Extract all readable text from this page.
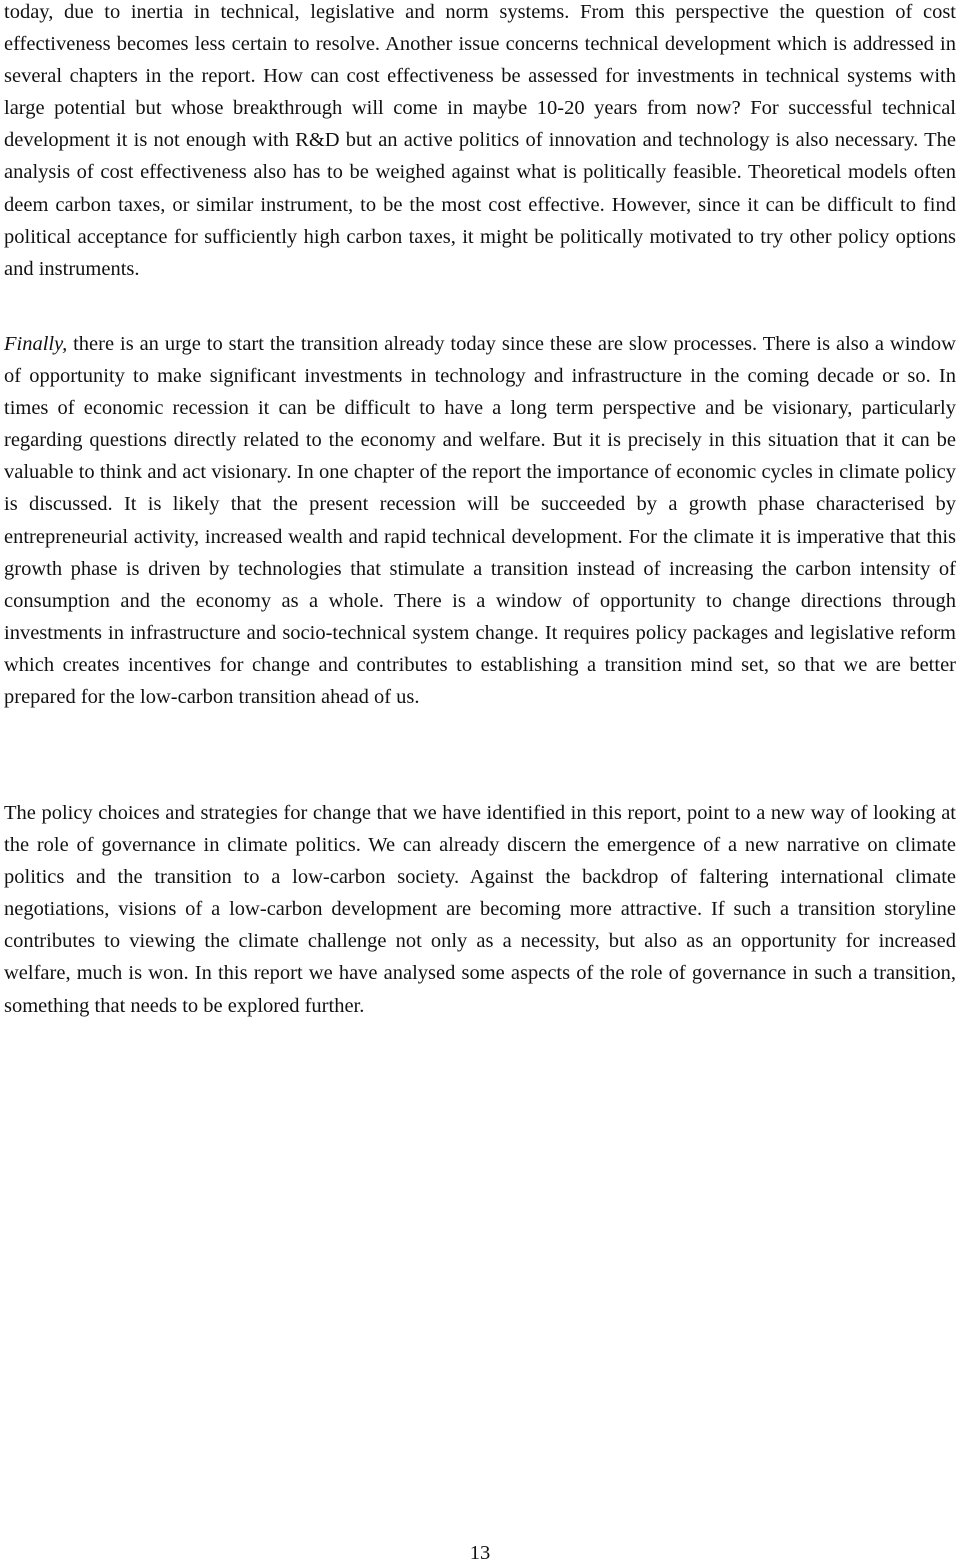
today, due to inertia in technical, legislative and norm systems. From this perspective the question of cost effectiveness becomes less certain to resolve. Another issue concerns technical development which is addressed in several chapters in the report. How can cost effectiveness be assessed for investments in technical systems with large potential but whose breakthrough will come in maybe 10-20 years from now? For successful technical development it is not enough with R&D but an active politics of innovation and technology is also necessary. The analysis of cost effectiveness also has to be weighed against what is politically feasible. Theoretical models often deem carbon taxes, or similar instrument, to be the most cost effective. However, since it can be difficult to find political acceptance for sufficiently high carbon taxes, it might be politically motivated to try other policy options and instruments.

Finally, there is an urge to start the transition already today since these are slow processes. There is also a window of opportunity to make significant investments in technology and infrastructure in the coming decade or so. In times of economic recession it can be difficult to have a long term perspective and be visionary, particularly regarding questions directly related to the economy and welfare. But it is precisely in this situation that it can be valuable to think and act visionary. In one chapter of the report the importance of economic cycles in climate policy is discussed. It is likely that the present recession will be succeeded by a growth phase characterised by entrepreneurial activity, increased wealth and rapid technical development. For the climate it is imperative that this growth phase is driven by technologies that stimulate a transition instead of increasing the carbon intensity of consumption and the economy as a whole. There is a window of opportunity to change directions through investments in infrastructure and socio-technical system change. It requires policy packages and legislative reform which creates incentives for change and contributes to establishing a transition mind set, so that we are better prepared for the low-carbon transition ahead of us.

The policy choices and strategies for change that we have identified in this report, point to a new way of looking at the role of governance in climate politics. We can already discern the emergence of a new narrative on climate politics and the transition to a low-carbon society. Against the backdrop of faltering international climate negotiations, visions of a low-carbon development are becoming more attractive. If such a transition storyline contributes to viewing the climate challenge not only as a necessity, but also as an opportunity for increased welfare, much is won. In this report we have analysed some aspects of the role of governance in such a transition, something that needs to be explored further.

13
